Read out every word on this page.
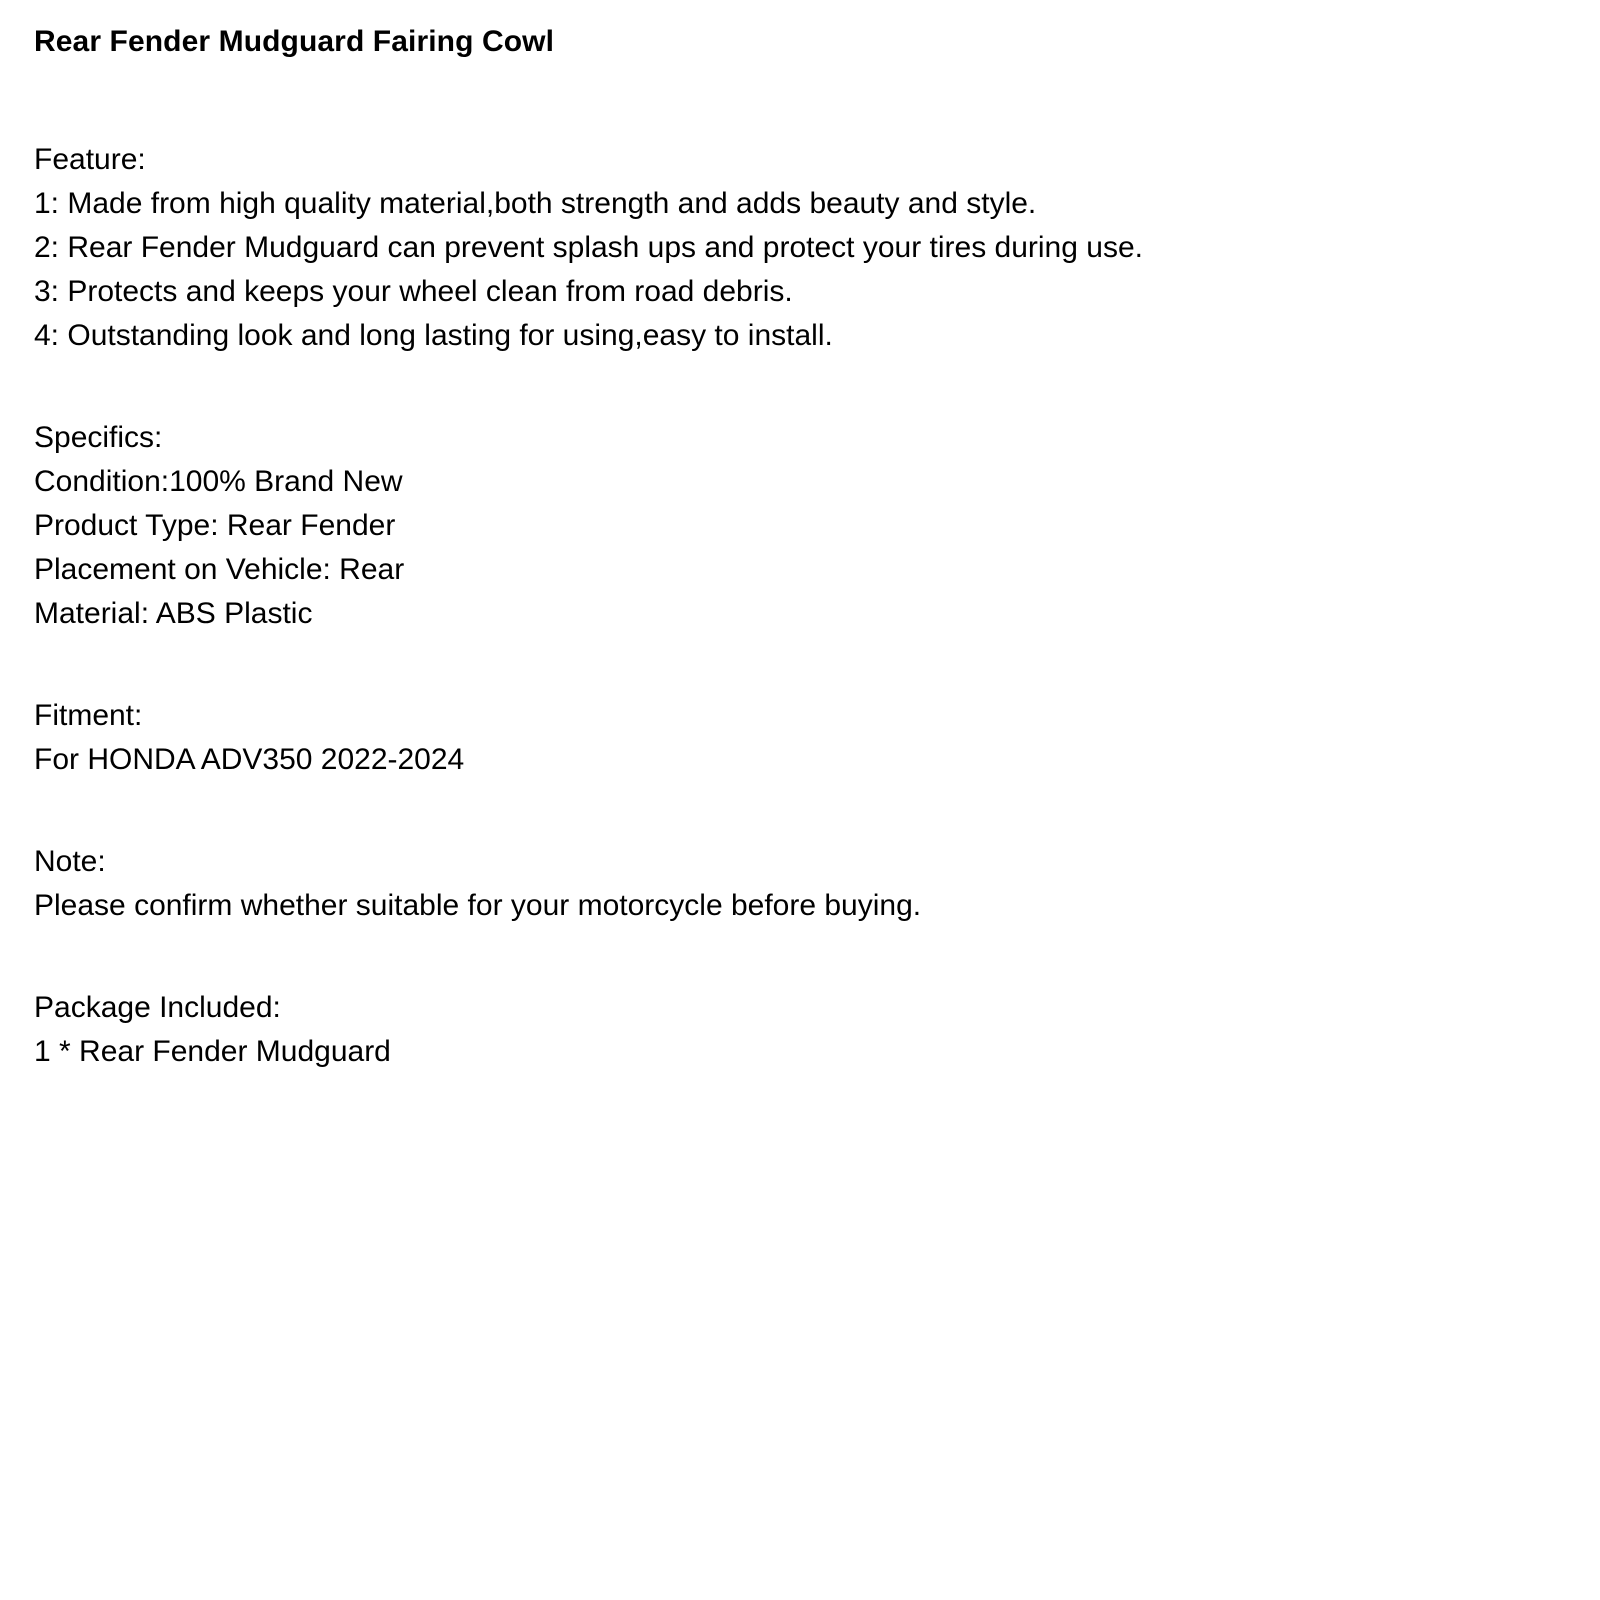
Rear Fender Mudguard Fairing Cowl
Feature:
1: Made from high quality material,both strength and adds beauty and style.
2: Rear Fender Mudguard can prevent splash ups and protect your tires during use.
3: Protects and keeps your wheel clean from road debris.
4: Outstanding look and long lasting for using,easy to install.
Specifics:
Condition:100% Brand New
Product Type: Rear Fender
Placement on Vehicle: Rear
Material: ABS Plastic
Fitment:
For HONDA ADV350 2022-2024
Note:
Please confirm whether suitable for your motorcycle before buying.
Package Included:
1 * Rear Fender Mudguard
